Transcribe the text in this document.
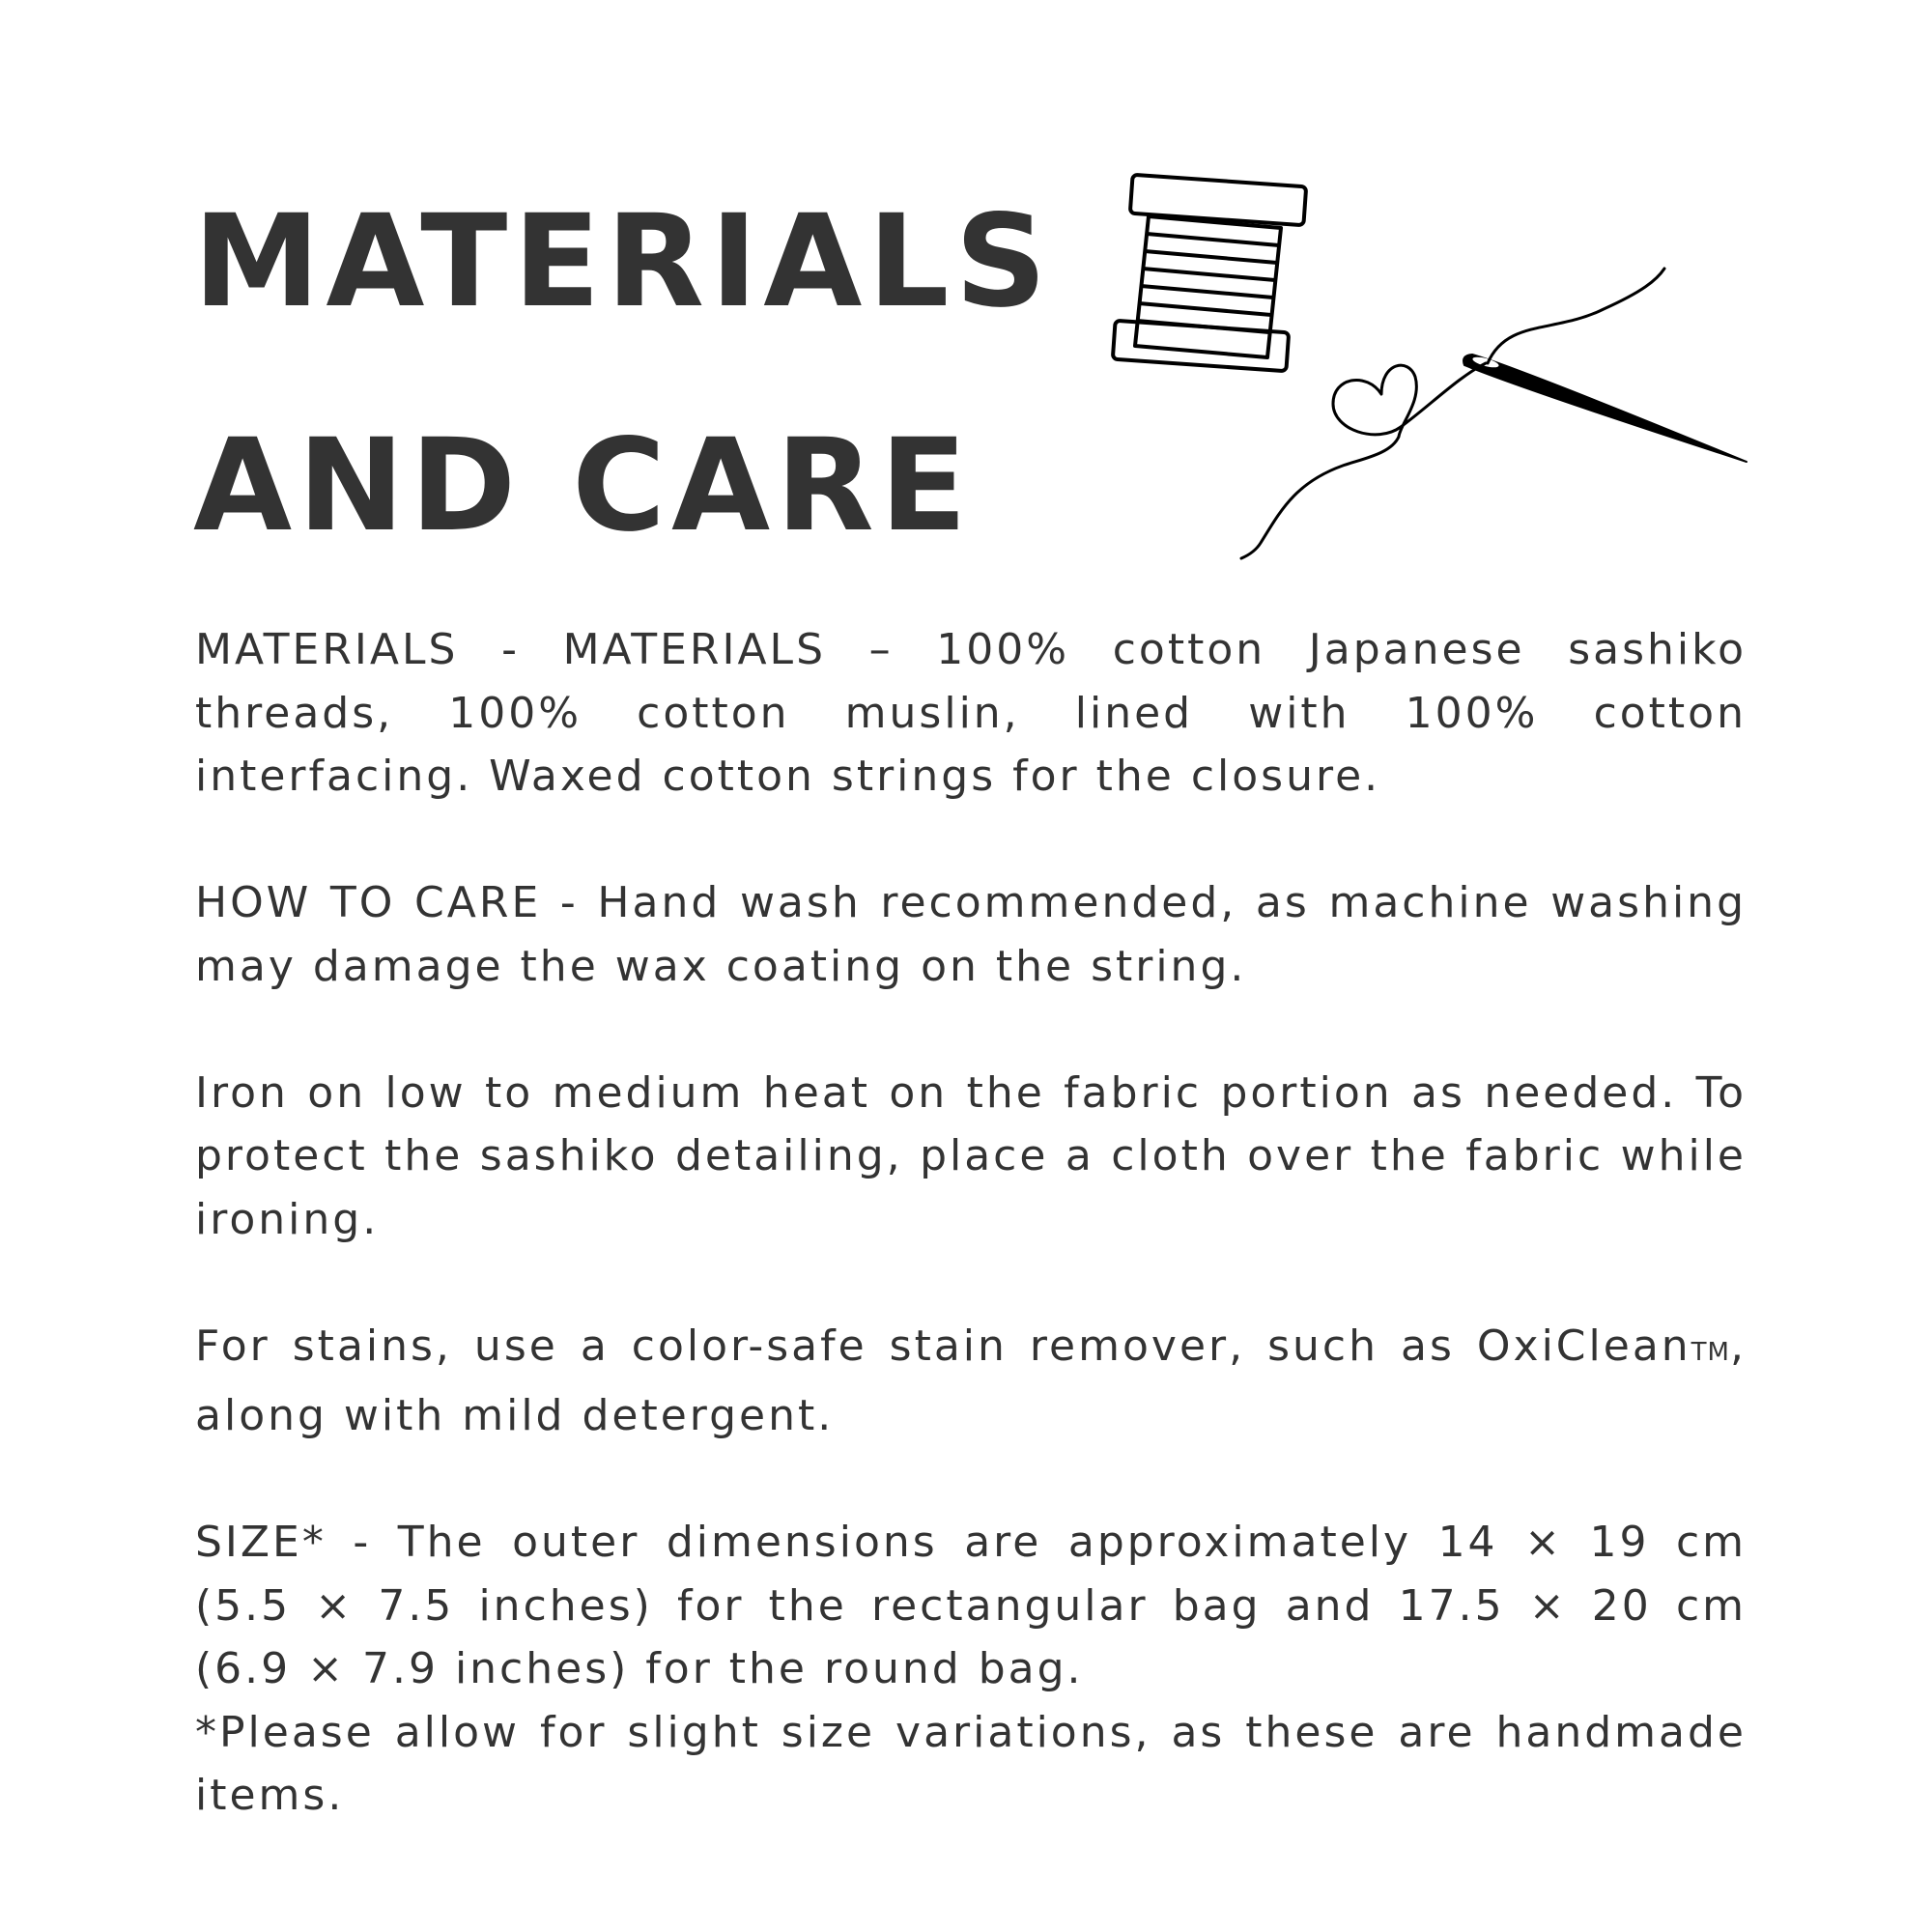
MATERIALS
AND CARE

MATERIALS - MATERIALS – 100% cotton Japanese sashiko threads, 100% cotton muslin, lined with 100% cotton interfacing. Waxed cotton strings for the closure.

HOW TO CARE - Hand wash recommended, as machine washing may damage the wax coating on the string.

Iron on low to medium heat on the fabric portion as needed. To protect the sashiko detailing, place a cloth over the fabric while ironing.

For stains, use a color-safe stain remover, such as OxiCleanTM, along with mild detergent.

SIZE* - The outer dimensions are approximately 14 × 19 cm (5.5 × 7.5 inches) for the rectangular bag and 17.5 × 20 cm (6.9 × 7.9 inches) for the round bag.

*Please allow for slight size variations, as these are handmade items.
